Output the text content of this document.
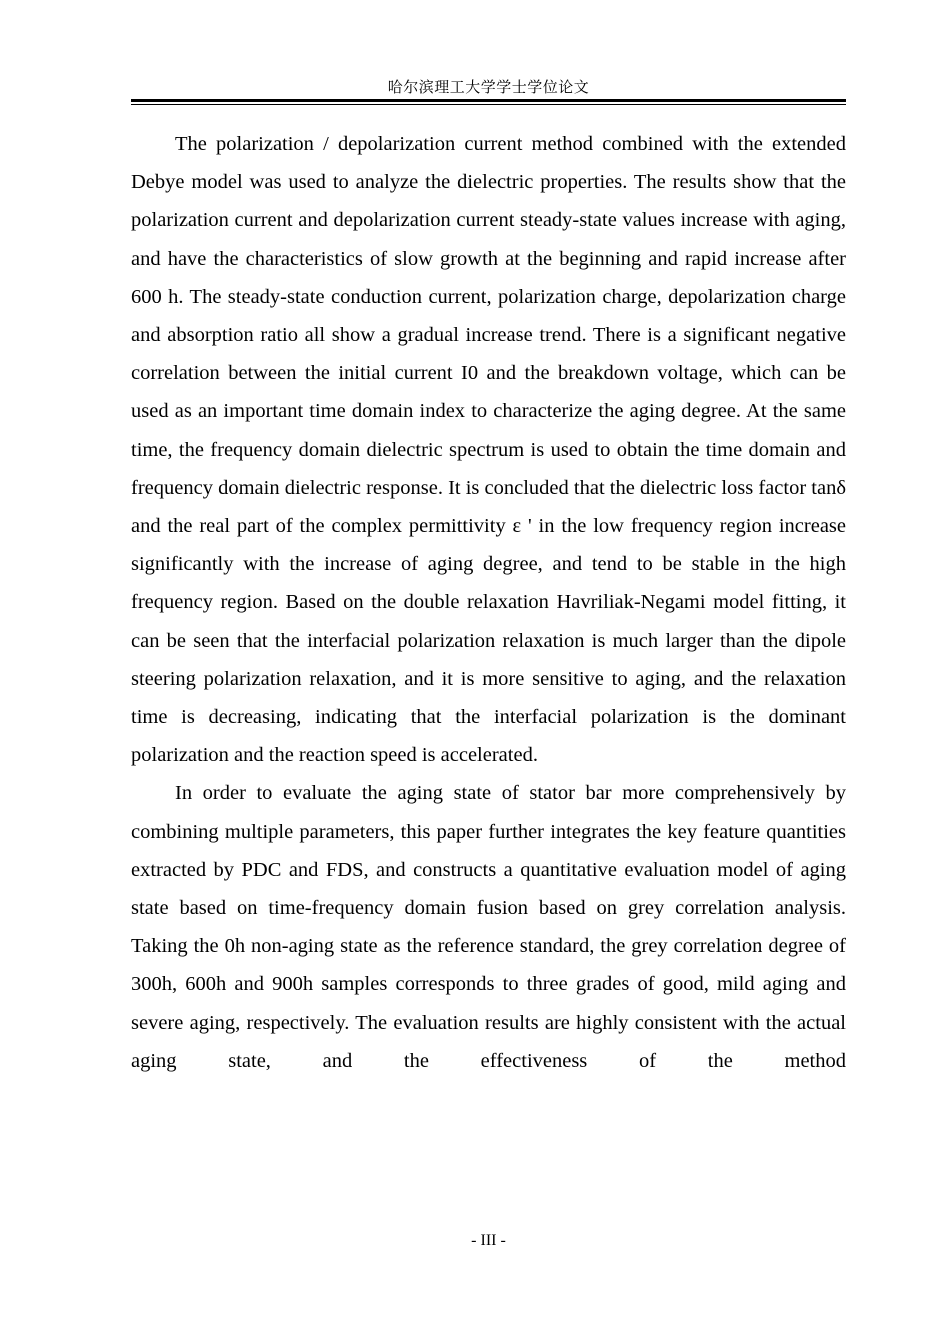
哈尔滨理工大学学士学位论文

The polarization / depolarization current method combined with the extended Debye model was used to analyze the dielectric properties. The results show that the polarization current and depolarization current steady-state values increase with aging, and have the characteristics of slow growth at the beginning and rapid increase after 600 h. The steady-state conduction current, polarization charge, depolarization charge and absorption ratio all show a gradual increase trend. There is a significant negative correlation between the initial current I0 and the breakdown voltage, which can be used as an important time domain index to characterize the aging degree. At the same time, the frequency domain dielectric spectrum is used to obtain the time domain and frequency domain dielectric response. It is concluded that the dielectric loss factor tanδ and the real part of the complex permittivity ε ' in the low frequency region increase significantly with the increase of aging degree, and tend to be stable in the high frequency region. Based on the double relaxation Havriliak-Negami model fitting, it can be seen that the interfacial polarization relaxation is much larger than the dipole steering polarization relaxation, and it is more sensitive to aging, and the relaxation time is decreasing, indicating that the interfacial polarization is the dominant polarization and the reaction speed is accelerated.

In order to evaluate the aging state of stator bar more comprehensively by combining multiple parameters, this paper further integrates the key feature quantities extracted by PDC and FDS, and constructs a quantitative evaluation model of aging state based on time-frequency domain fusion based on grey correlation analysis. Taking the 0h non-aging state as the reference standard, the grey correlation degree of 300h, 600h and 900h samples corresponds to three grades of good, mild aging and severe aging, respectively. The evaluation results are highly consistent with the actual aging state, and the effectiveness of the method

- III -
